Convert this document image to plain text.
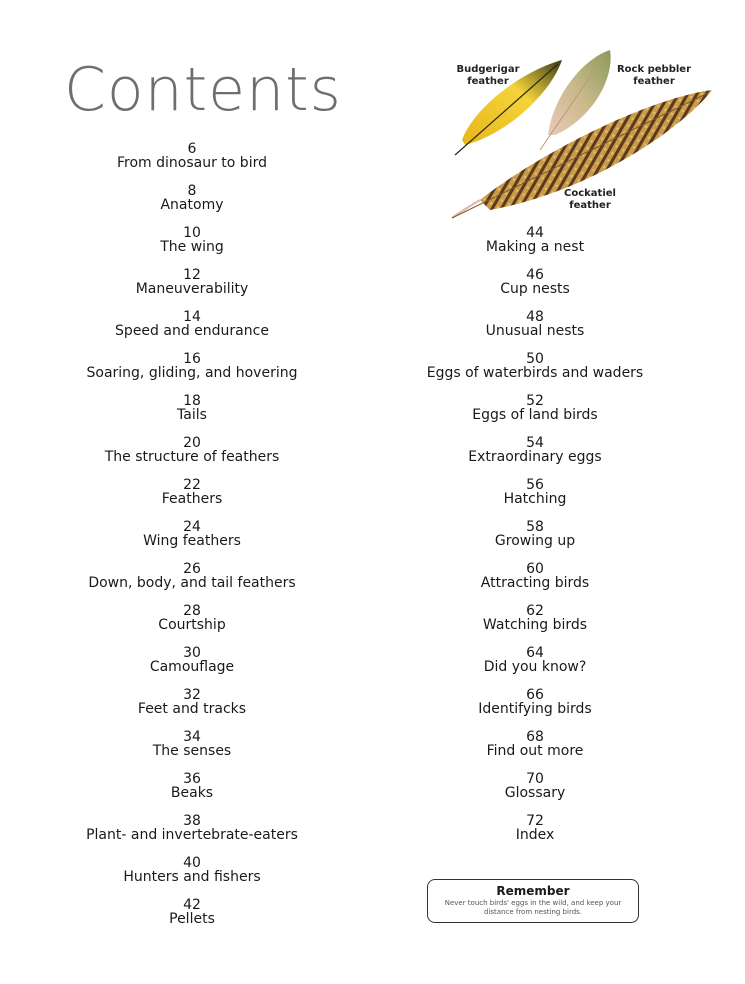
Contents	Budgerigar feather
Rock pebbler feather
Cockatiel feather
6
From dinosaur to bird
8
Anatomy
10
The wing
12
Maneuverability
14
Speed and endurance
16
Soaring, gliding, and hovering
18
Tails
20
The structure of feathers
22
Feathers
24
Wing feathers
26
Down, body, and tail feathers
28
Courtship
30
Camouflage
32
Feet and tracks
34
The senses
36
Beaks
38
Plant- and invertebrate-eaters
40
Hunters and fishers
42
Pellets
44
Making a nest
46
Cup nests
48
Unusual nests
50
Eggs of waterbirds and waders
52
Eggs of land birds
54
Extraordinary eggs
56
Hatching
58
Growing up
60
Attracting birds
62
Watching birds
64
Did you know?
66
Identifying birds
68
Find out more
70
Glossary
72
Index
Remember
Never touch birds' eggs in the wild, and keep your distance from nesting birds.
